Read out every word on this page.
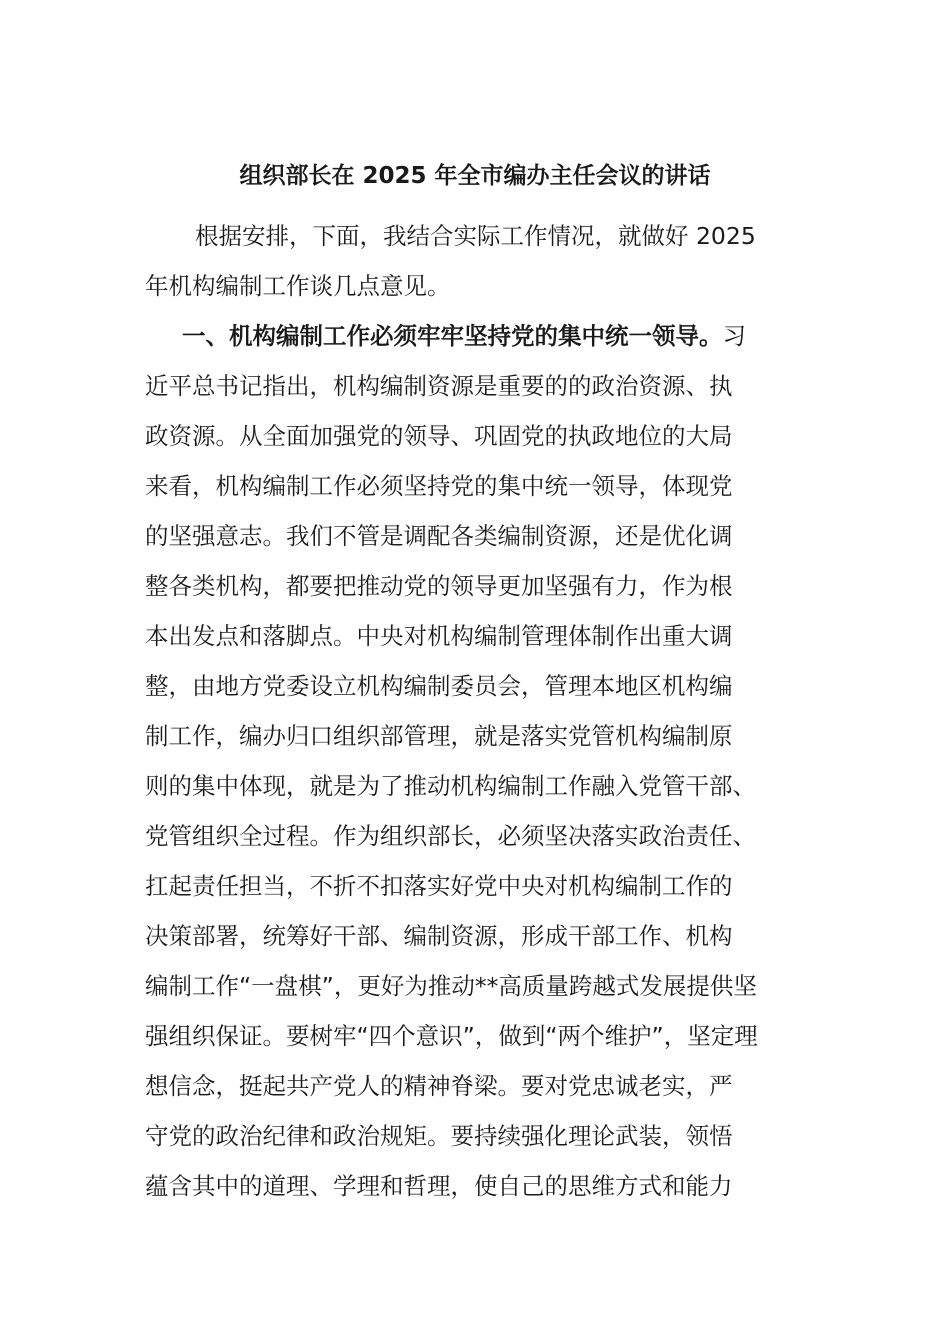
组织部长在 2025 年全市编办主任会议的讲话

根据安排，下面，我结合实际工作情况，就做好 2025

年机构编制工作谈几点意见。

一、机构编制工作必须牢牢坚持党的集中统一领导。习

近平总书记指出，机构编制资源是重要的的政治资源、执

政资源。从全面加强党的领导、巩固党的执政地位的大局

来看，机构编制工作必须坚持党的集中统一领导，体现党

的坚强意志。我们不管是调配各类编制资源，还是优化调

整各类机构，都要把推动党的领导更加坚强有力，作为根

本出发点和落脚点。中央对机构编制管理体制作出重大调

整，由地方党委设立机构编制委员会，管理本地区机构编

制工作，编办归口组织部管理，就是落实党管机构编制原

则的集中体现，就是为了推动机构编制工作融入党管干部、

党管组织全过程。作为组织部长，必须坚决落实政治责任、

扛起责任担当，不折不扣落实好党中央对机构编制工作的

决策部署，统筹好干部、编制资源，形成干部工作、机构

编制工作“一盘棋”，更好为推动**高质量跨越式发展提供坚

强组织保证。要树牢“四个意识”，做到“两个维护”，坚定理

想信念，挺起共产党人的精神脊梁。要对党忠诚老实，严

守党的政治纪律和政治规矩。要持续强化理论武装，领悟

蕴含其中的道理、学理和哲理，使自己的思维方式和能力
